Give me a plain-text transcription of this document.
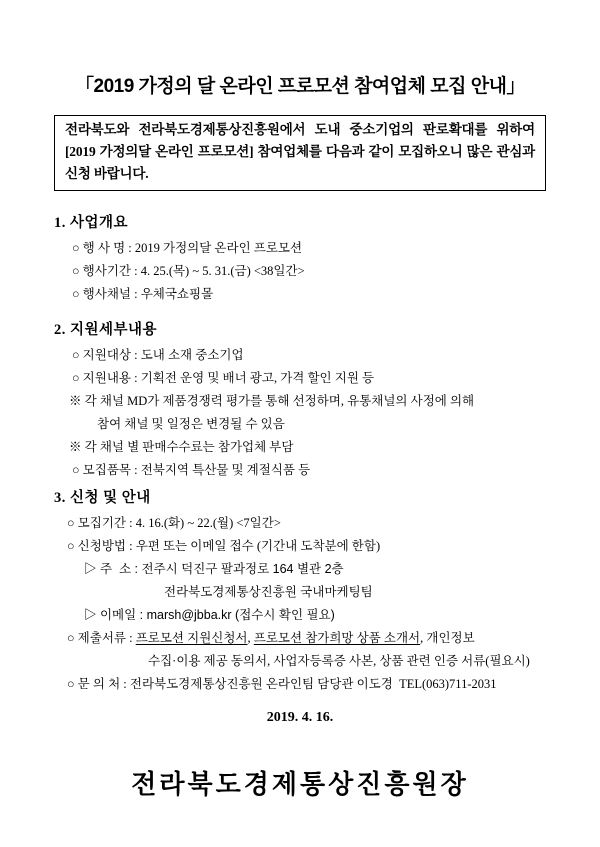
「2019 가정의 달 온라인 프로모션 참여업체 모집 안내」
전라북도와 전라북도경제통상진흥원에서 도내 중소기업의 판로확대를 위하여 [2019 가정의달 온라인 프로모션] 참여업체를 다음과 같이 모집하오니 많은 관심과 신청 바랍니다.
1. 사업개요
○ 행 사 명 : 2019 가정의달 온라인 프로모션
○ 행사기간 : 4. 25.(목) ~ 5. 31.(금) <38일간>
○ 행사채널 : 우체국쇼핑몰
2. 지원세부내용
○ 지원대상 : 도내 소재 중소기업
○ 지원내용 : 기획전 운영 및 배너 광고, 가격 할인 지원 등
※ 각 채널 MD가 제품경쟁력 평가를 통해 선정하며, 유통채널의 사정에 의해
참여 채널 및 일정은 변경될 수 있음
※ 각 채널 별 판매수수료는 참가업체 부담
○ 모집품목 : 전북지역 특산물 및 계절식품 등
3. 신청 및 안내
○ 모집기간 : 4. 16.(화) ~ 22.(월) <7일간>
○ 신청방법 : 우편 또는 이메일 접수 (기간내 도착분에 한함)
▷ 주  소 : 전주시 덕진구 팔과정로 164 별관 2층
전라북도경제통상진흥원 국내마케팅팀
▷ 이메일 : marsh@jbba.kr (접수시 확인 필요)
○ 제출서류 : 프로모션 지원신청서, 프로모션 참가희망 상품 소개서, 개인정보
수집·이용 제공 동의서, 사업자등록증 사본, 상품 관련 인증 서류(필요시)
○ 문 의 처 : 전라북도경제통상진흥원 온라인팀 담당관 이도경  TEL(063)711-2031
2019. 4. 16.
전라북도경제통상진흥원장
